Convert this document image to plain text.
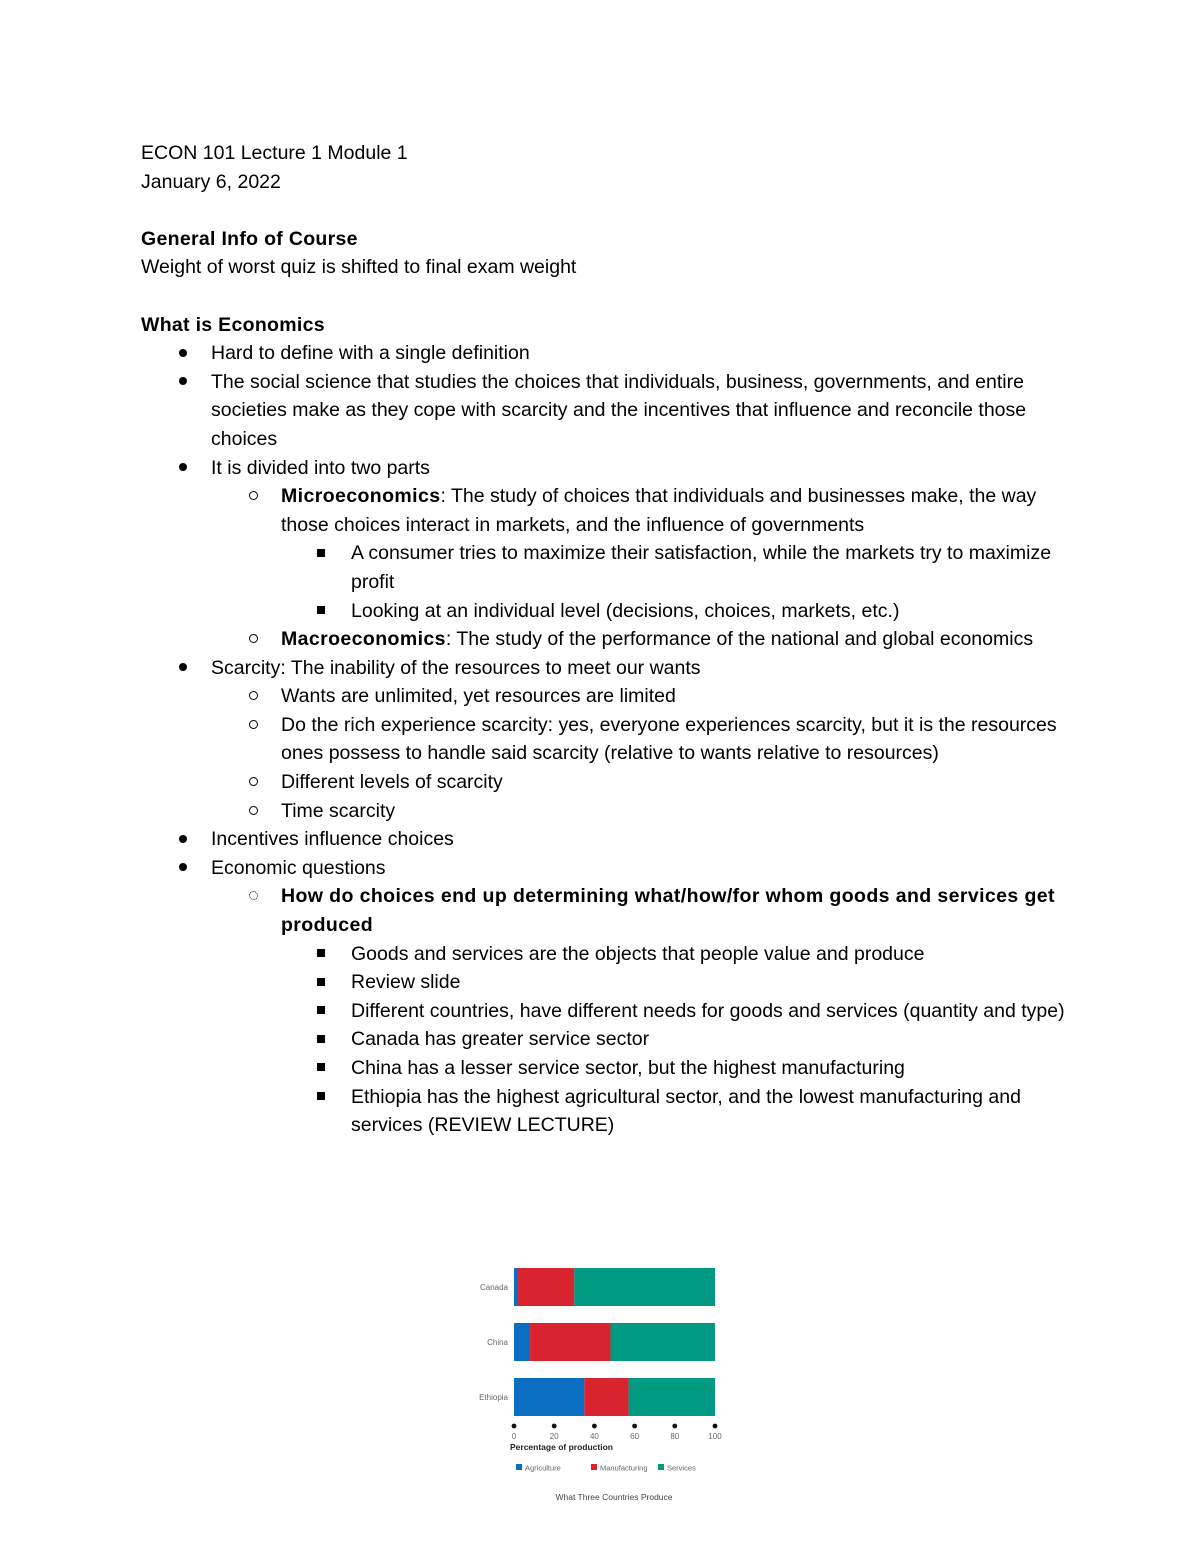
ECON 101 Lecture 1 Module 1

January 6, 2022

General Info of Course

Weight of worst quiz is shifted to final exam weight

What is Economics

Hard to define with a single definition
The social science that studies the choices that individuals, business, governments, and entire societies make as they cope with scarcity and the incentives that influence and reconcile those choices
It is divided into two parts
Microeconomics: The study of choices that individuals and businesses make, the way those choices interact in markets, and the influence of governments
A consumer tries to maximize their satisfaction, while the markets try to maximize profit
Looking at an individual level (decisions, choices, markets, etc.)
Macroeconomics: The study of the performance of the national and global economics
Scarcity: The inability of the resources to meet our wants
Wants are unlimited, yet resources are limited
Do the rich experience scarcity: yes, everyone experiences scarcity, but it is the resources ones possess to handle said scarcity (relative to wants relative to resources)
Different levels of scarcity
Time scarcity
Incentives influence choices
Economic questions
How do choices end up determining what/how/for whom goods and services get produced
Goods and services are the objects that people value and produce
Review slide
Different countries, have different needs for goods and services (quantity and type)
Canada has greater service sector
China has a lesser service sector, but the highest manufacturing
Ethiopia has the highest agricultural sector, and the lowest manufacturing and services (REVIEW LECTURE)
Canada
China
Ethiopia
0	20	40	60	80	100
Percentage of production
Agriculture	Manufacturing	Services
What Three Countries Produce
